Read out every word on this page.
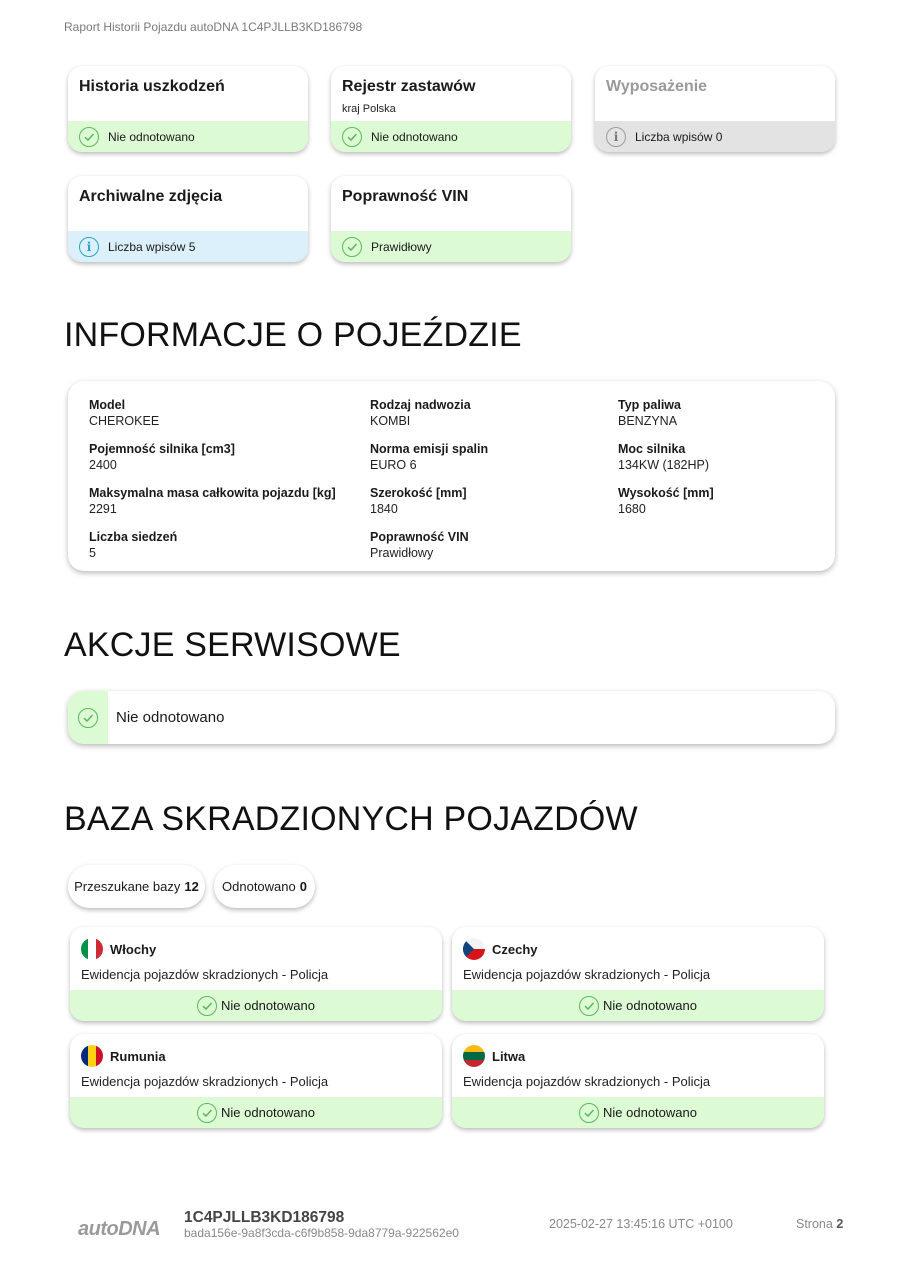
Raport Historii Pojazdu autoDNA 1C4PJLLB3KD186798
Historia uszkodzeń
Nie odnotowano
Rejestr zastawów
kraj Polska
Nie odnotowano
Wyposażenie
i Liczba wpisów 0
Archiwalne zdjęcia
i Liczba wpisów 5
Poprawność VIN
Prawidłowy
INFORMACJE O POJEŹDZIE
Model
CHEROKEE
Rodzaj nadwozia
KOMBI
Typ paliwa
BENZYNA
Pojemność silnika [cm3]
2400
Norma emisji spalin
EURO 6
Moc silnika
134KW (182HP)
Maksymalna masa całkowita pojazdu [kg]
2291
Szerokość [mm]
1840
Wysokość [mm]
1680
Liczba siedzeń
5
Poprawność VIN
Prawidłowy
AKCJE SERWISOWE
Nie odnotowano
BAZA SKRADZIONYCH POJAZDÓW
Przeszukane bazy 12 Odnotowano 0
Włochy
Ewidencja pojazdów skradzionych - Policja
Nie odnotowano
Czechy
Ewidencja pojazdów skradzionych - Policja
Nie odnotowano
Rumunia
Ewidencja pojazdów skradzionych - Policja
Nie odnotowano
Litwa
Ewidencja pojazdów skradzionych - Policja
Nie odnotowano
autoDNA
1C4PJLLB3KD186798
bada156e-9a8f3cda-c6f9b858-9da8779a-922562e0
2025-02-27 13:45:16 UTC +0100	Strona 2
